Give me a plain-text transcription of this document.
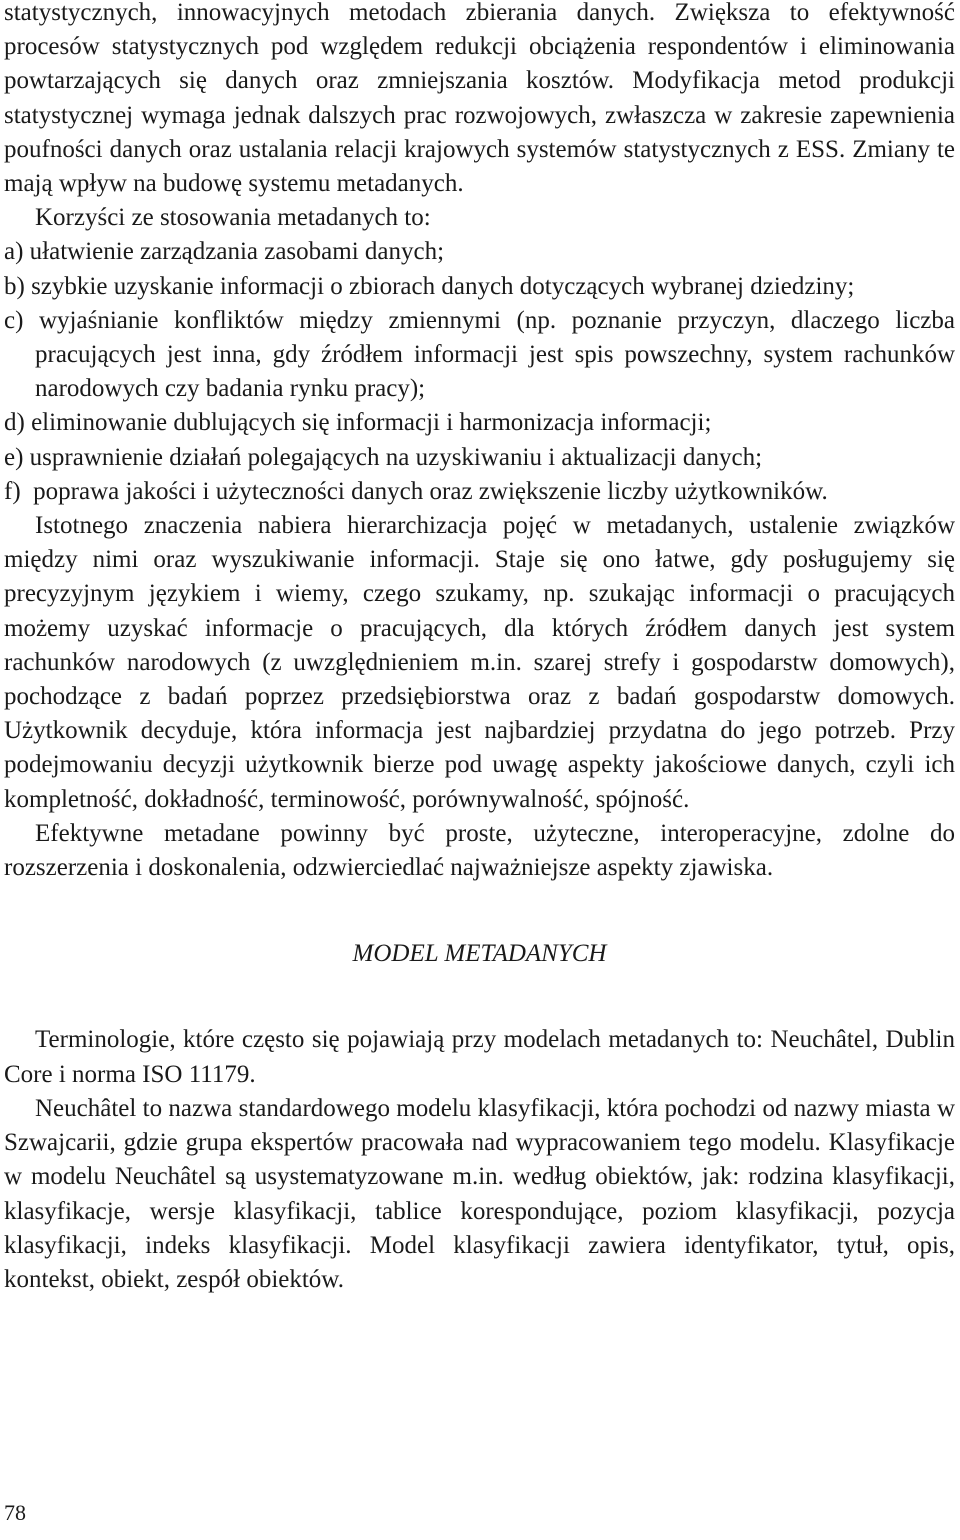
statystycznych, innowacyjnych metodach zbierania danych. Zwiększa to efektywność procesów statystycznych pod względem redukcji obciążenia respondentów i eliminowania powtarzających się danych oraz zmniejszania kosztów. Modyfikacja metod produkcji statystycznej wymaga jednak dalszych prac rozwojowych, zwłaszcza w zakresie zapewnienia poufności danych oraz ustalania relacji krajowych systemów statystycznych z ESS. Zmiany te mają wpływ na budowę systemu metadanych.

Korzyści ze stosowania metadanych to:

a) ułatwienie zarządzania zasobami danych;

b) szybkie uzyskanie informacji o zbiorach danych dotyczących wybranej dziedziny;

c) wyjaśnianie konfliktów między zmiennymi (np. poznanie przyczyn, dlaczego liczba pracujących jest inna, gdy źródłem informacji jest spis powszechny, system rachunków narodowych czy badania rynku pracy);

d) eliminowanie dublujących się informacji i harmonizacja informacji;

e) usprawnienie działań polegających na uzyskiwaniu i aktualizacji danych;

f)  poprawa jakości i użyteczności danych oraz zwiększenie liczby użytkowników.

Istotnego znaczenia nabiera hierarchizacja pojęć w metadanych, ustalenie związków między nimi oraz wyszukiwanie informacji. Staje się ono łatwe, gdy posługujemy się precyzyjnym językiem i wiemy, czego szukamy, np. szukając informacji o pracujących możemy uzyskać informacje o pracujących, dla których źródłem danych jest system rachunków narodowych (z uwzględnieniem m.in. szarej strefy i gospodarstw domowych), pochodzące z badań poprzez przedsiębiorstwa oraz z badań gospodarstw domowych. Użytkownik decyduje, która informacja jest najbardziej przydatna do jego potrzeb. Przy podejmowaniu decyzji użytkownik bierze pod uwagę aspekty jakościowe danych, czyli ich kompletność, dokładność, terminowość, porównywalność, spójność.

Efektywne metadane powinny być proste, użyteczne, interoperacyjne, zdolne do rozszerzenia i doskonalenia, odzwierciedlać najważniejsze aspekty zjawiska.

MODEL METADANYCH

Terminologie, które często się pojawiają przy modelach metadanych to: Neuchâtel, Dublin Core i norma ISO 11179.

Neuchâtel to nazwa standardowego modelu klasyfikacji, która pochodzi od nazwy miasta w Szwajcarii, gdzie grupa ekspertów pracowała nad wypracowaniem tego modelu. Klasyfikacje w modelu Neuchâtel są usystematyzowane m.in. według obiektów, jak: rodzina klasyfikacji, klasyfikacje, wersje klasyfikacji, tablice korespondujące, poziom klasyfikacji, pozycja klasyfikacji, indeks klasyfikacji. Model klasyfikacji zawiera identyfikator, tytuł, opis, kontekst, obiekt, zespół obiektów.

78
